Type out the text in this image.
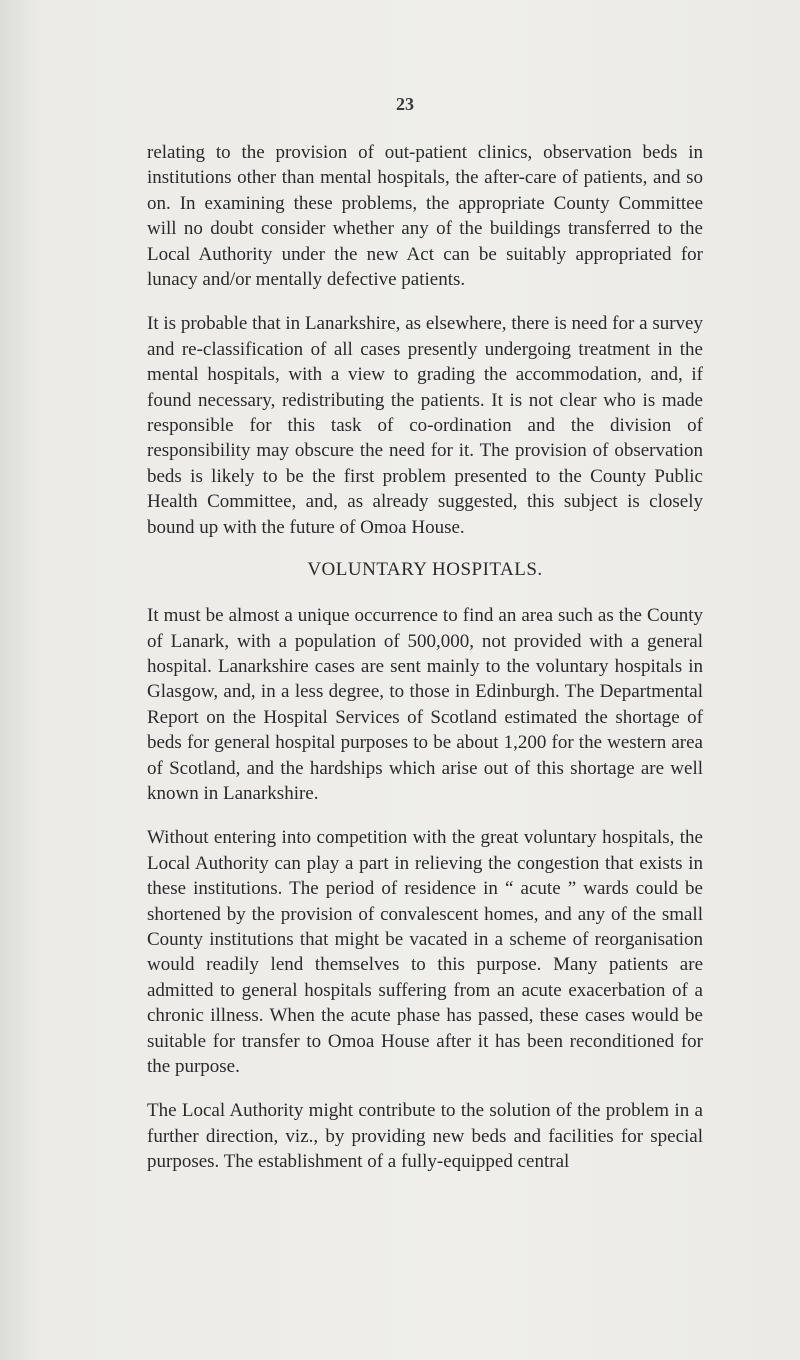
23

relating to the provision of out-patient clinics, observation beds in institutions other than mental hospitals, the after-care of patients, and so on. In examining these problems, the appropriate County Committee will no doubt consider whether any of the buildings transferred to the Local Authority under the new Act can be suitably appropriated for lunacy and/or mentally defective patients.

It is probable that in Lanarkshire, as elsewhere, there is need for a survey and re-classification of all cases presently undergoing treatment in the mental hospitals, with a view to grading the accommodation, and, if found necessary, redistributing the patients. It is not clear who is made responsible for this task of co-ordination and the division of responsibility may obscure the need for it. The provision of observation beds is likely to be the first problem presented to the County Public Health Committee, and, as already suggested, this subject is closely bound up with the future of Omoa House.

VOLUNTARY HOSPITALS.

It must be almost a unique occurrence to find an area such as the County of Lanark, with a population of 500,000, not provided with a general hospital. Lanarkshire cases are sent mainly to the voluntary hospitals in Glasgow, and, in a less degree, to those in Edinburgh. The Departmental Report on the Hospital Services of Scotland estimated the shortage of beds for general hospital purposes to be about 1,200 for the western area of Scotland, and the hardships which arise out of this shortage are well known in Lanarkshire.

Without entering into competition with the great voluntary hospitals, the Local Authority can play a part in relieving the congestion that exists in these institutions. The period of residence in “ acute ” wards could be shortened by the provision of convalescent homes, and any of the small County institutions that might be vacated in a scheme of reorganisation would readily lend themselves to this purpose. Many patients are admitted to general hospitals suffering from an acute exacerbation of a chronic illness. When the acute phase has passed, these cases would be suitable for transfer to Omoa House after it has been reconditioned for the purpose.

The Local Authority might contribute to the solution of the problem in a further direction, viz., by providing new beds and facilities for special purposes. The establishment of a fully-equipped central
